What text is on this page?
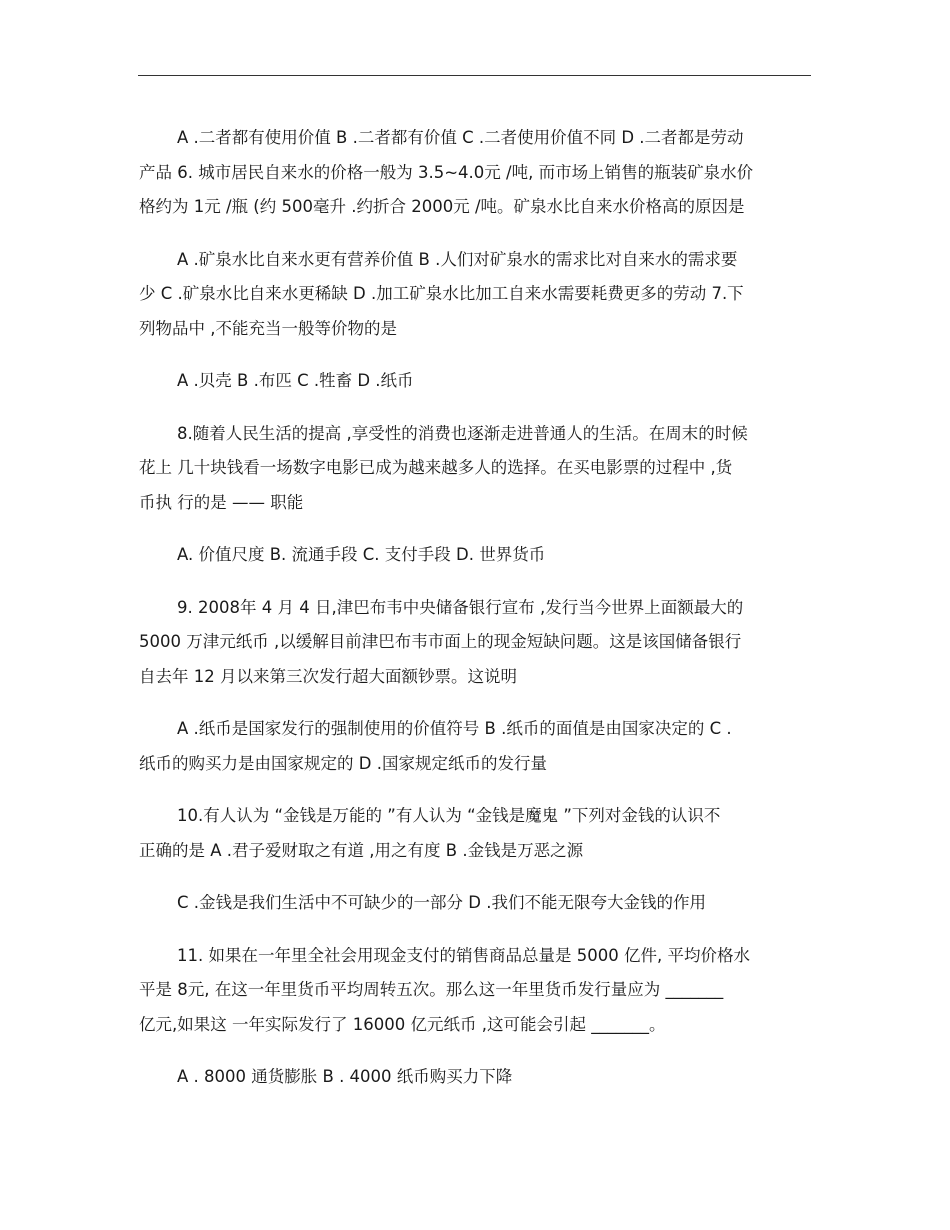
A .二者都有使用价值 B .二者都有价值 C .二者使用价值不同 D .二者都是劳动
产品 6. 城市居民自来水的价格一般为 3.5~4.0元 /吨, 而市场上销售的瓶装矿泉水价
格约为 1元 /瓶 (约 500毫升 .约折合 2000元 /吨。矿泉水比自来水价格高的原因是
A .矿泉水比自来水更有营养价值 B .人们对矿泉水的需求比对自来水的需求要
少 C .矿泉水比自来水更稀缺 D .加工矿泉水比加工自来水需要耗费更多的劳动 7.下
列物品中 ,不能充当一般等价物的是
A .贝壳 B .布匹 C .牲畜 D .纸币
8.随着人民生活的提高 ,享受性的消费也逐渐走进普通人的生活。在周末的时候
花上 几十块钱看一场数字电影已成为越来越多人的选择。在买电影票的过程中 ,货
币执 行的是 —— 职能
A. 价值尺度 B. 流通手段 C. 支付手段 D. 世界货币
9. 2008年 4 月 4 日,津巴布韦中央储备银行宣布 ,发行当今世界上面额最大的
5000 万津元纸币 ,以缓解目前津巴布韦市面上的现金短缺问题。这是该国储备银行
自去年 12 月以来第三次发行超大面额钞票。这说明
A .纸币是国家发行的强制使用的价值符号 B .纸币的面值是由国家决定的 C .
纸币的购买力是由国家规定的 D .国家规定纸币的发行量
10.有人认为 “金钱是万能的 ”有人认为 “金钱是魔鬼 ”下列对金钱的认识不
正确的是 A .君子爱财取之有道 ,用之有度 B .金钱是万恶之源
C .金钱是我们生活中不可缺少的一部分 D .我们不能无限夸大金钱的作用
11. 如果在一年里全社会用现金支付的销售商品总量是 5000 亿件, 平均价格水
平是 8元, 在这一年里货币平均周转五次。那么这一年里货币发行量应为 _______
亿元,如果这 一年实际发行了 16000 亿元纸币 ,这可能会引起 _______。
A . 8000 通货膨胀 B . 4000 纸币购买力下降
